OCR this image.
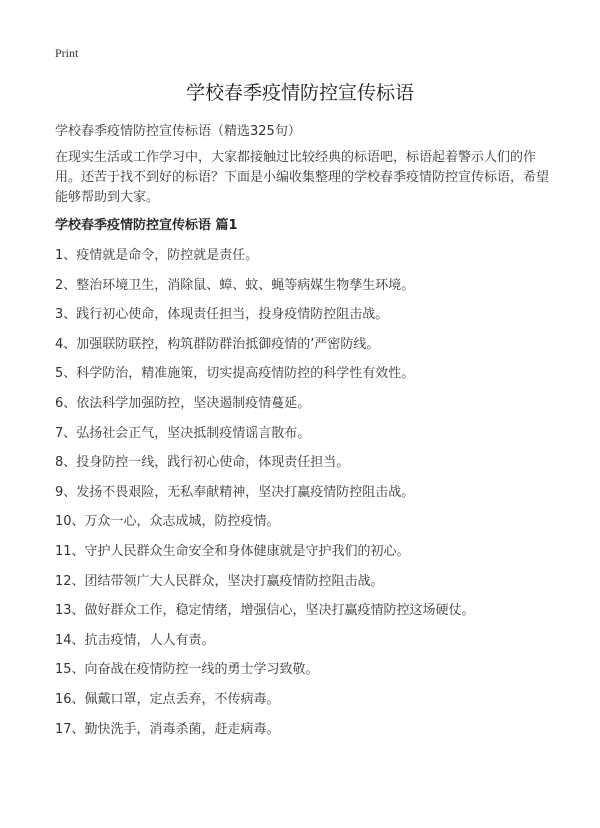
Print
学校春季疫情防控宣传标语
学校春季疫情防控宣传标语（精选325句）

在现实生活或工作学习中，大家都接触过比较经典的标语吧，标语起着警示人们的作用。还苦于找不到好的标语？下面是小编收集整理的学校春季疫情防控宣传标语，希望能够帮助到大家。

学校春季疫情防控宣传标语 篇1
1、疫情就是命令，防控就是责任。
2、整治环境卫生，消除鼠、蟑、蚊、蝇等病媒生物孳生环境。
3、践行初心使命，体现责任担当，投身疫情防控阻击战。
4、加强联防联控，构筑群防群治抵御疫情的’严密防线。
5、科学防治，精准施策，切实提高疫情防控的科学性有效性。
6、依法科学加强防控，坚决遏制疫情蔓延。
7、弘扬社会正气，坚决抵制疫情谣言散布。
8、投身防控一线，践行初心使命，体现责任担当。
9、发扬不畏艰险，无私奉献精神，坚决打赢疫情防控阻击战。
10、万众一心，众志成城，防控疫情。
11、守护人民群众生命安全和身体健康就是守护我们的初心。
12、团结带领广大人民群众，坚决打赢疫情防控阻击战。
13、做好群众工作，稳定情绪，增强信心，坚决打赢疫情防控这场硬仗。
14、抗击疫情，人人有责。
15、向奋战在疫情防控一线的勇士学习致敬。
16、佩戴口罩，定点丢弃，不传病毒。
17、勤快洗手，消毒杀菌，赶走病毒。
